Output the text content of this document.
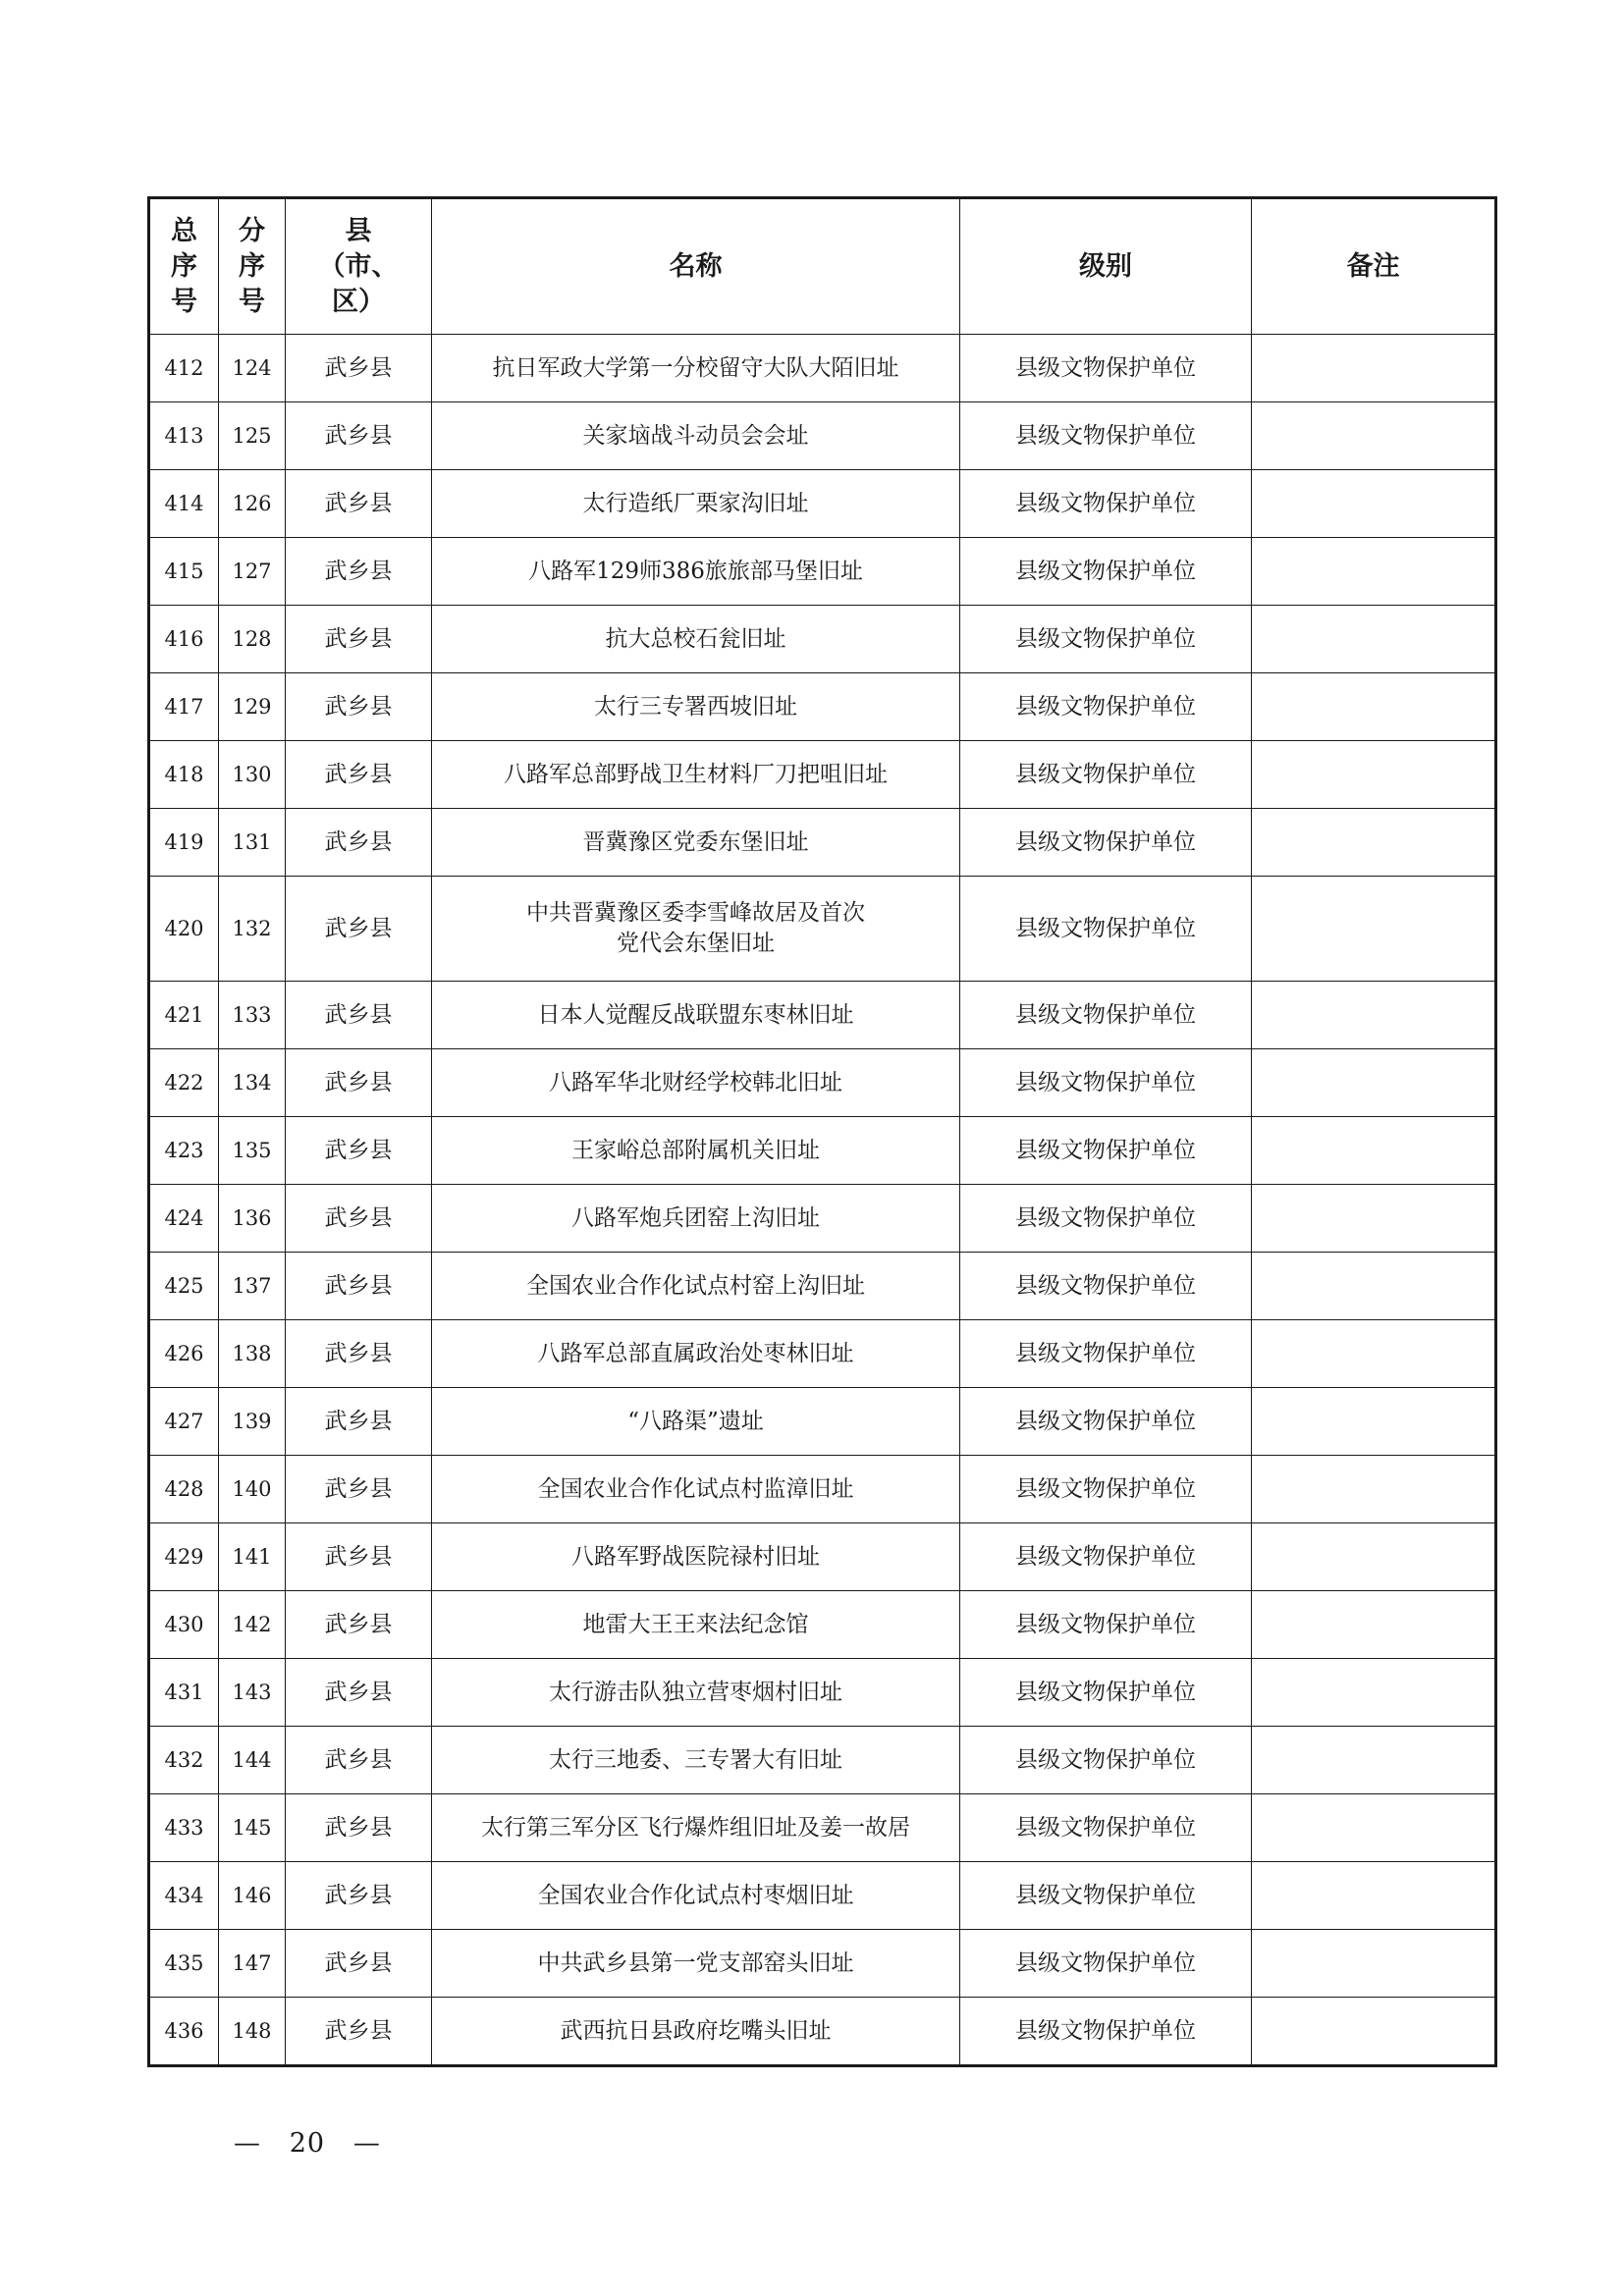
总
序
号	分
序
号	县
（市、
区）	名称	级别	备注
412	124	武乡县	抗日军政大学第一分校留守大队大陌旧址	县级文物保护单位	
413	125	武乡县	关家垴战斗动员会会址	县级文物保护单位	
414	126	武乡县	太行造纸厂栗家沟旧址	县级文物保护单位	
415	127	武乡县	八路军129师386旅旅部马堡旧址	县级文物保护单位	
416	128	武乡县	抗大总校石瓮旧址	县级文物保护单位	
417	129	武乡县	太行三专署西坡旧址	县级文物保护单位	
418	130	武乡县	八路军总部野战卫生材料厂刀把咀旧址	县级文物保护单位	
419	131	武乡县	晋冀豫区党委东堡旧址	县级文物保护单位	
420	132	武乡县	中共晋冀豫区委李雪峰故居及首次
党代会东堡旧址	县级文物保护单位	
421	133	武乡县	日本人觉醒反战联盟东枣林旧址	县级文物保护单位	
422	134	武乡县	八路军华北财经学校韩北旧址	县级文物保护单位	
423	135	武乡县	王家峪总部附属机关旧址	县级文物保护单位	
424	136	武乡县	八路军炮兵团窑上沟旧址	县级文物保护单位	
425	137	武乡县	全国农业合作化试点村窑上沟旧址	县级文物保护单位	
426	138	武乡县	八路军总部直属政治处枣林旧址	县级文物保护单位	
427	139	武乡县	“八路渠”遗址	县级文物保护单位	
428	140	武乡县	全国农业合作化试点村监漳旧址	县级文物保护单位	
429	141	武乡县	八路军野战医院禄村旧址	县级文物保护单位	
430	142	武乡县	地雷大王王来法纪念馆	县级文物保护单位	
431	143	武乡县	太行游击队独立营枣烟村旧址	县级文物保护单位	
432	144	武乡县	太行三地委、三专署大有旧址	县级文物保护单位	
433	145	武乡县	太行第三军分区飞行爆炸组旧址及姜一故居	县级文物保护单位	
434	146	武乡县	全国农业合作化试点村枣烟旧址	县级文物保护单位	
435	147	武乡县	中共武乡县第一党支部窑头旧址	县级文物保护单位	
436	148	武乡县	武西抗日县政府圪嘴头旧址	县级文物保护单位	
—   20   —
